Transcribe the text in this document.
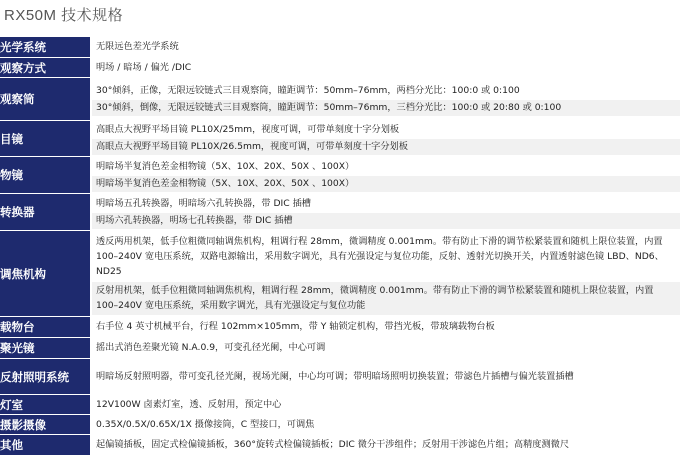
RX50M 技术规格
光学系统	无限远色差光学系统

观察方式	明场 / 暗场 / 偏光 /DIC

观察筒	30°倾斜，正像，无限远铰链式三目观察筒，瞳距调节：50mm–76mm，两档分光比：100:0 或 0:100
30°倾斜，倒像，无限远铰链式三目观察筒，瞳距调节：50mm–76mm，三档分光比：100:0 或 20:80 或 0:100

目镜	高眼点大视野平场目镜 PL10X/25mm，视度可调，可带单刻度十字分划板
高眼点大视野平场目镜 PL10X/26.5mm，视度可调，可带单刻度十字分划板

物镜	明暗场半复消色差金相物镜（5X、10X、20X、50X 、100X）
明暗场半复消色差金相物镜（5X、10X、20X、50X 、100X）

转换器	明暗场五孔转换器，明暗场六孔转换器，带 DIC 插槽
明场六孔转换器，明场七孔转换器，带 DIC 插槽

调焦机构	透反两用机架，低手位粗微同轴调焦机构，粗调行程 28mm，微调精度 0.001mm。带有防止下滑的调节松紧装置和随机上限位装置，内置 100–240V 宽电压系统，双路电源输出，采用数字调光，具有光强设定与复位功能，反射、透射光切换开关，内置透射滤色镜 LBD、ND6、ND25
反射用机架，低手位粗微同轴调焦机构，粗调行程 28mm，微调精度 0.001mm。带有防止下滑的调节松紧装置和随机上限位装置，内置 100–240V 宽电压系统，采用数字调光，具有光强设定与复位功能

载物台	右手位 4 英寸机械平台，行程 102mm×105mm，带 Y 轴锁定机构，带挡光板，带玻璃载物台板

聚光镜	摇出式消色差聚光镜 N.A.0.9，可变孔径光阑，中心可调

反射照明系统	明暗场反射照明器，带可变孔径光阑，视场光阑，中心均可调；带明暗场照明切换装置；带滤色片插槽与偏光装置插槽

灯室	12V100W 卤素灯室，透、反射用，预定中心

摄影摄像	0.35X/0.5X/0.65X/1X 摄像接筒，C 型接口，可调焦

其他	起偏镜插板，固定式检偏镜插板，360°旋转式检偏镜插板；DIC 微分干涉组件；反射用干涉滤色片组；高精度测微尺
